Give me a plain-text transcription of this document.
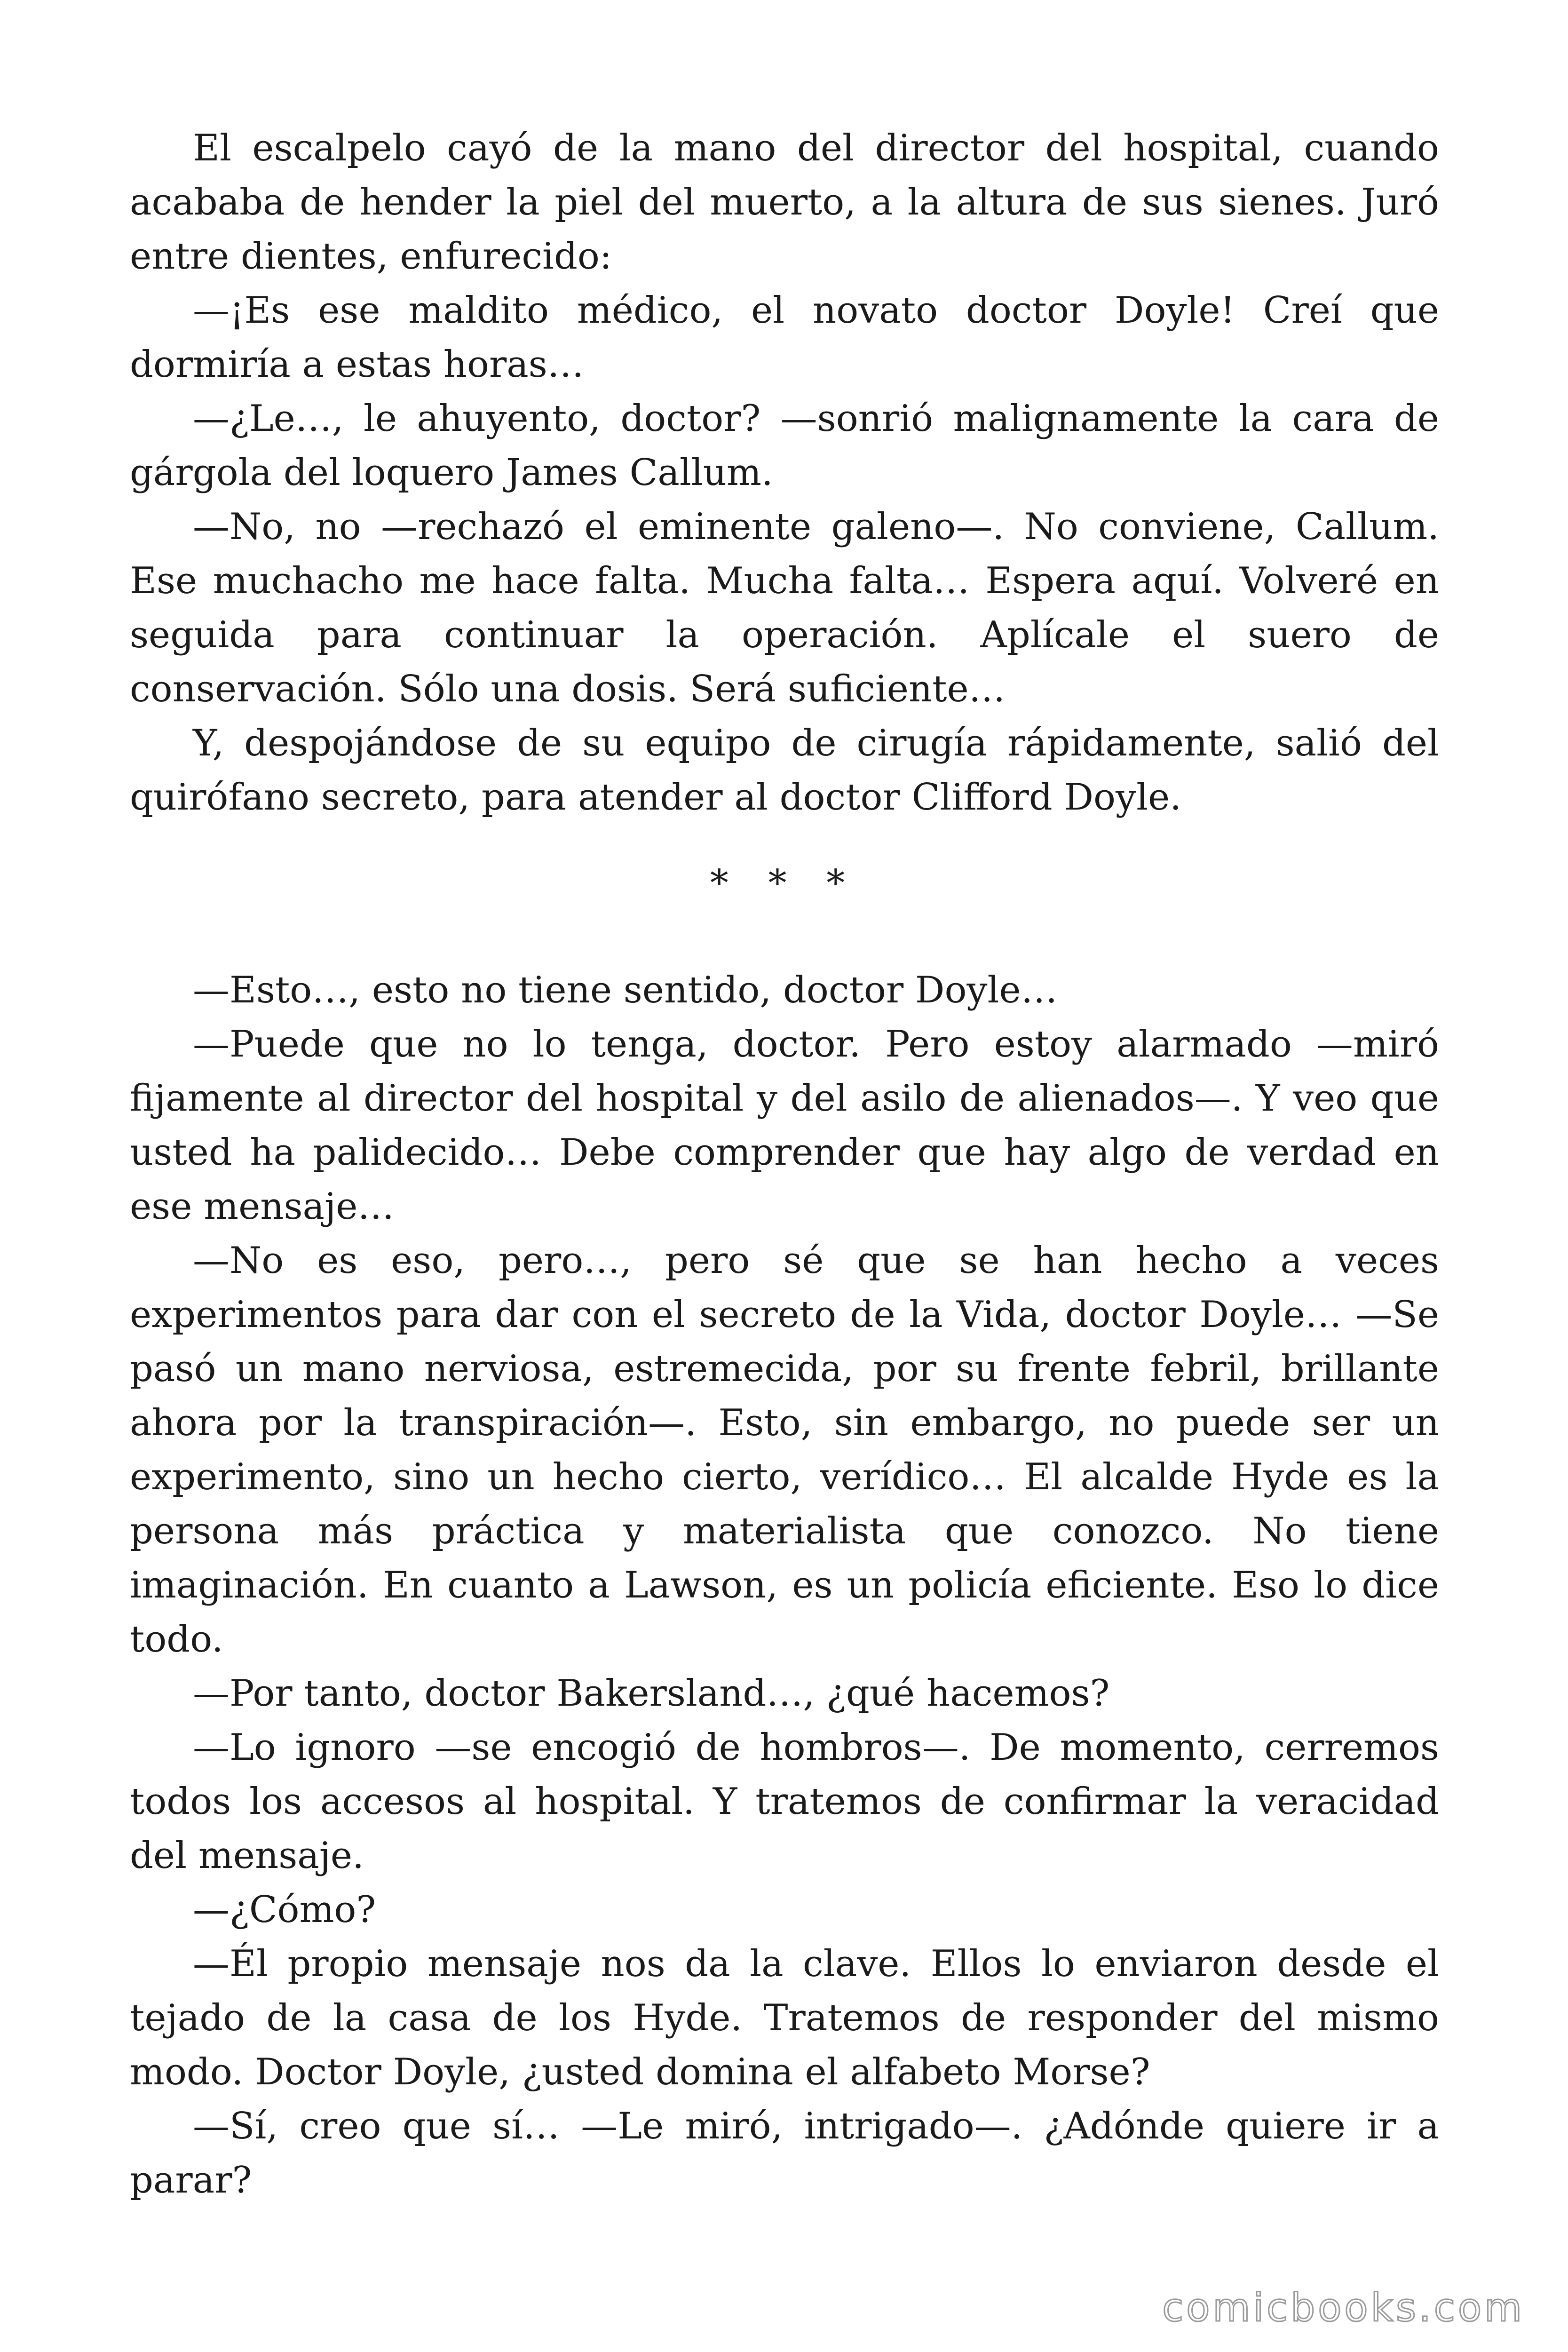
El escalpelo cayó de la mano del director del hospital, cuando acababa de hender la piel del muerto, a la altura de sus sienes. Juró entre dientes, enfurecido:

—¡Es ese maldito médico, el novato doctor Doyle! Creí que dormiría a estas horas…

—¿Le…, le ahuyento, doctor? —sonrió malignamente la cara de gárgola del loquero James Callum.

—No, no —rechazó el eminente galeno—. No conviene, Callum. Ese muchacho me hace falta. Mucha falta… Espera aquí. Volveré en seguida para continuar la operación. Aplícale el suero de conservación. Sólo una dosis. Será suficiente…

Y, despojándose de su equipo de cirugía rápidamente, salió del quirófano secreto, para atender al doctor Clifford Doyle.

* * *

—Esto…, esto no tiene sentido, doctor Doyle…

—Puede que no lo tenga, doctor. Pero estoy alarmado —miró fijamente al director del hospital y del asilo de alienados—. Y veo que usted ha palidecido… Debe comprender que hay algo de verdad en ese mensaje…

—No es eso, pero…, pero sé que se han hecho a veces experimentos para dar con el secreto de la Vida, doctor Doyle… —Se pasó un mano nerviosa, estremecida, por su frente febril, brillante ahora por la transpiración—. Esto, sin embargo, no puede ser un experimento, sino un hecho cierto, verídico… El alcalde Hyde es la persona más práctica y materialista que conozco. No tiene imaginación. En cuanto a Lawson, es un policía eficiente. Eso lo dice todo.

—Por tanto, doctor Bakersland…, ¿qué hacemos?

—Lo ignoro —se encogió de hombros—. De momento, cerremos todos los accesos al hospital. Y tratemos de confirmar la veracidad del mensaje.

—¿Cómo?

—Él propio mensaje nos da la clave. Ellos lo enviaron desde el tejado de la casa de los Hyde. Tratemos de responder del mismo modo. Doctor Doyle, ¿usted domina el alfabeto Morse?

—Sí, creo que sí… —Le miró, intrigado—. ¿Adónde quiere ir a parar?

comicbooks.com
